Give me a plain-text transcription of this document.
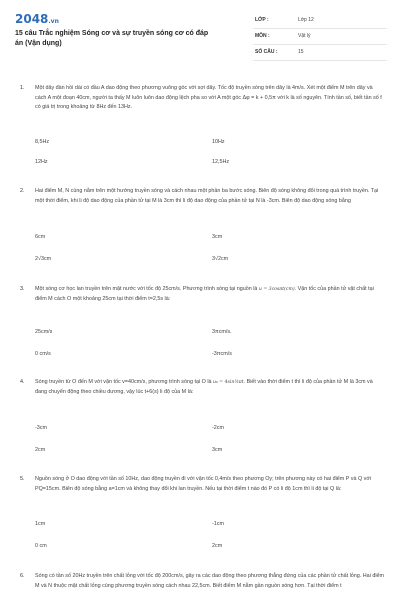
2048.vn
15 câu Trắc nghiệm Sóng cơ và sự truyền sóng cơ có đáp án (Vận dụng)
LỚP :	Lớp 12
MÔN :	Vật lý
SỐ CÂU :	15
1. Một dây đàn hồi dài có đầu A dao động theo phương vuông góc với sợi dây. Tốc độ truyền sóng trên dây là 4m/s. Xét một điểm M trên dây và cách A một đoạn 40cm, người ta thấy M luôn luôn dao động lệch pha so với A một góc Δφ = k + 0,5π với k là số nguyên. Tính tần số, biết tần số f có giá trị trong khoảng từ 8Hz đến 13Hz.
8,5Hz	10Hz
12Hz	12,5Hz
2. Hai điểm M, N cùng nằm trên một hướng truyền sóng và cách nhau một phần ba bước sóng. Biên độ sóng không đổi trong quá trình truyền. Tại một thời điểm, khi li độ dao động của phần tử tại M là 3cm thì li độ dao động của phần tử tại N là -3cm. Biên độ dao động sóng bằng
6cm	3cm
2√3cm	3√2cm
3. Một sóng cơ học lan truyền trên mặt nước với tốc độ 25cm/s. Phương trình sóng tại nguồn là u = 3cosπt(cm). Vận tốc của phần tử vật chất tại điểm M cách O một khoảng 25cm tại thời điểm t=2,5s là:
25cm/s	3πcm/s.
0 cm/s	-3πcm/s
4. Sóng truyền từ O đến M với vận tốc v=40cm/s, phương trình sóng tại O là u₀ = 4sin½πt. Biết vào thời điểm t thì li độ của phần tử M là 3cm và đang chuyển động theo chiều dương, vậy lúc t+6(s) li độ của M là:
-3cm	-2cm
2cm	3cm
5. Nguồn sóng ở O dao động với tần số 10Hz, dao động truyền đi với vận tốc 0,4m/s theo phương Oy; trên phương này có hai điểm P và Q với PQ=15cm. Biên độ sóng bằng a=1cm và không thay đổi khi lan truyền. Nếu tại thời điểm t nào đó P có li độ 1cm thì li độ tại Q là:
1cm	-1cm
0 cm	2cm
6. Sóng có tần số 20Hz truyền trên chất lỏng với tốc độ 200cm/s, gây ra các dao động theo phương thẳng đứng của các phần tử chất lỏng. Hai điểm M và N thuộc mặt chất lỏng cùng phương truyền sóng cách nhau 22,5cm. Biết điểm M nằm gần nguồn sóng hơn. Tại thời điểm t
